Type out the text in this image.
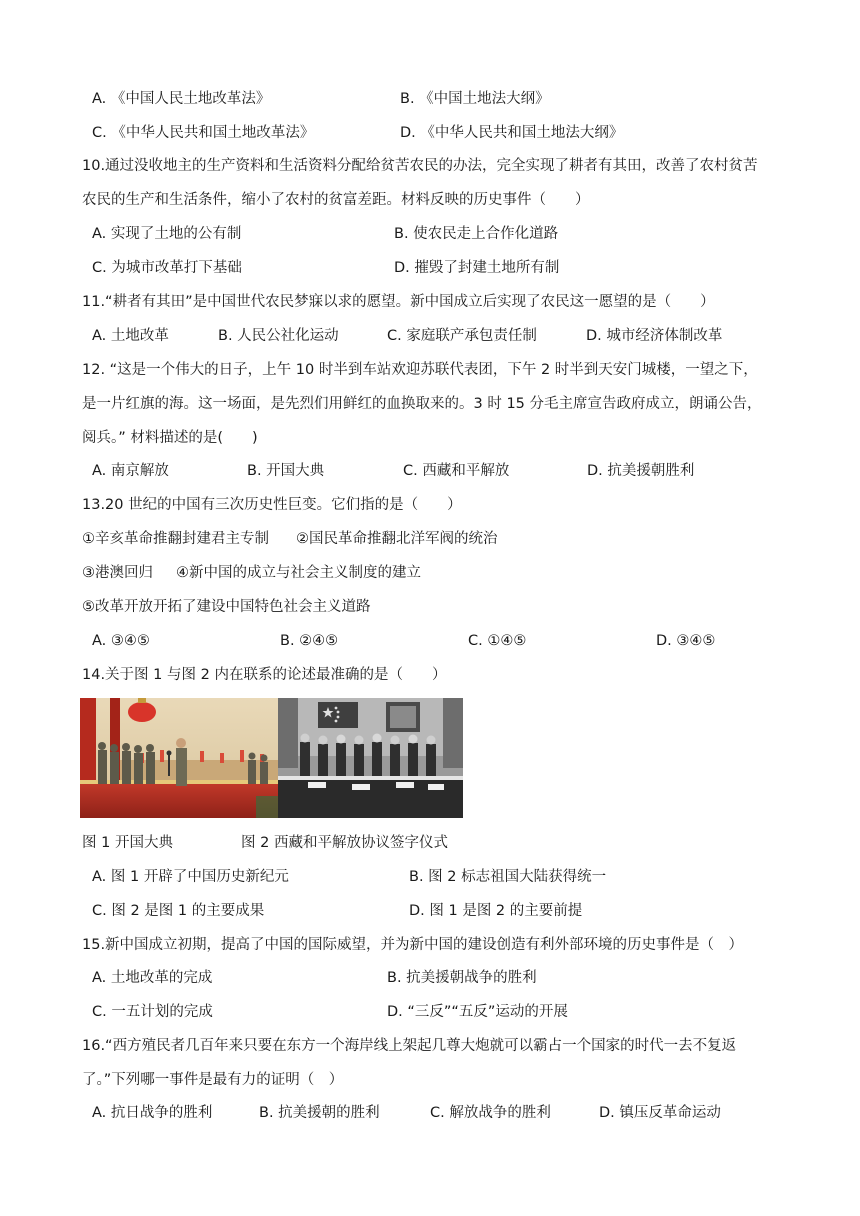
A. 《中国人民土地改革法》	B. 《中国土地法大纲》
C. 《中华人民共和国土地改革法》	D. 《中华人民共和国土地法大纲》
10.通过没收地主的生产资料和生活资料分配给贫苦农民的办法，完全实现了耕者有其田，改善了农村贫苦
农民的生产和生活条件，缩小了农村的贫富差距。材料反映的历史事件（　　）
A. 实现了土地的公有制	B. 使农民走上合作化道路
C. 为城市改革打下基础	D. 摧毁了封建土地所有制
11.“耕者有其田”是中国世代农民梦寐以求的愿望。新中国成立后实现了农民这一愿望的是（　　）
A. 土地改革	B. 人民公社化运动	C. 家庭联产承包责任制	D. 城市经济体制改革
12. “这是一个伟大的日子，上午 10 时半到车站欢迎苏联代表团，下午 2 时半到天安门城楼，一望之下，
是一片红旗的海。这一场面，是先烈们用鲜红的血换取来的。3 时 15 分毛主席宣告政府成立，朗诵公告，
阅兵。” 材料描述的是(　　)
A. 南京解放	B. 开国大典	C. 西藏和平解放	D. 抗美援朝胜利
13.20 世纪的中国有三次历史性巨变。它们指的是（　　）
①辛亥革命推翻封建君主专制 ②国民革命推翻北洋军阀的统治
③港澳回归 ④新中国的成立与社会主义制度的建立
⑤改革开放开拓了建设中国特色社会主义道路
A. ③④⑤	B. ②④⑤	C. ①④⑤	D. ③④⑤
14.关于图 1 与图 2 内在联系的论述最准确的是（　　）
图 1 开国大典	图 2 西藏和平解放协议签字仪式
A. 图 1 开辟了中国历史新纪元	B. 图 2 标志祖国大陆获得统一
C. 图 2 是图 1 的主要成果	D. 图 1 是图 2 的主要前提
15.新中国成立初期，提高了中国的国际威望，并为新中国的建设创造有利外部环境的历史事件是（　）
A. 土地改革的完成	B. 抗美援朝战争的胜利
C. 一五计划的完成	D. “三反”“五反”运动的开展
16.“西方殖民者几百年来只要在东方一个海岸线上架起几尊大炮就可以霸占一个国家的时代一去不复返
了。”下列哪一事件是最有力的证明（　）
A. 抗日战争的胜利	B. 抗美援朝的胜利	C. 解放战争的胜利	D. 镇压反革命运动
